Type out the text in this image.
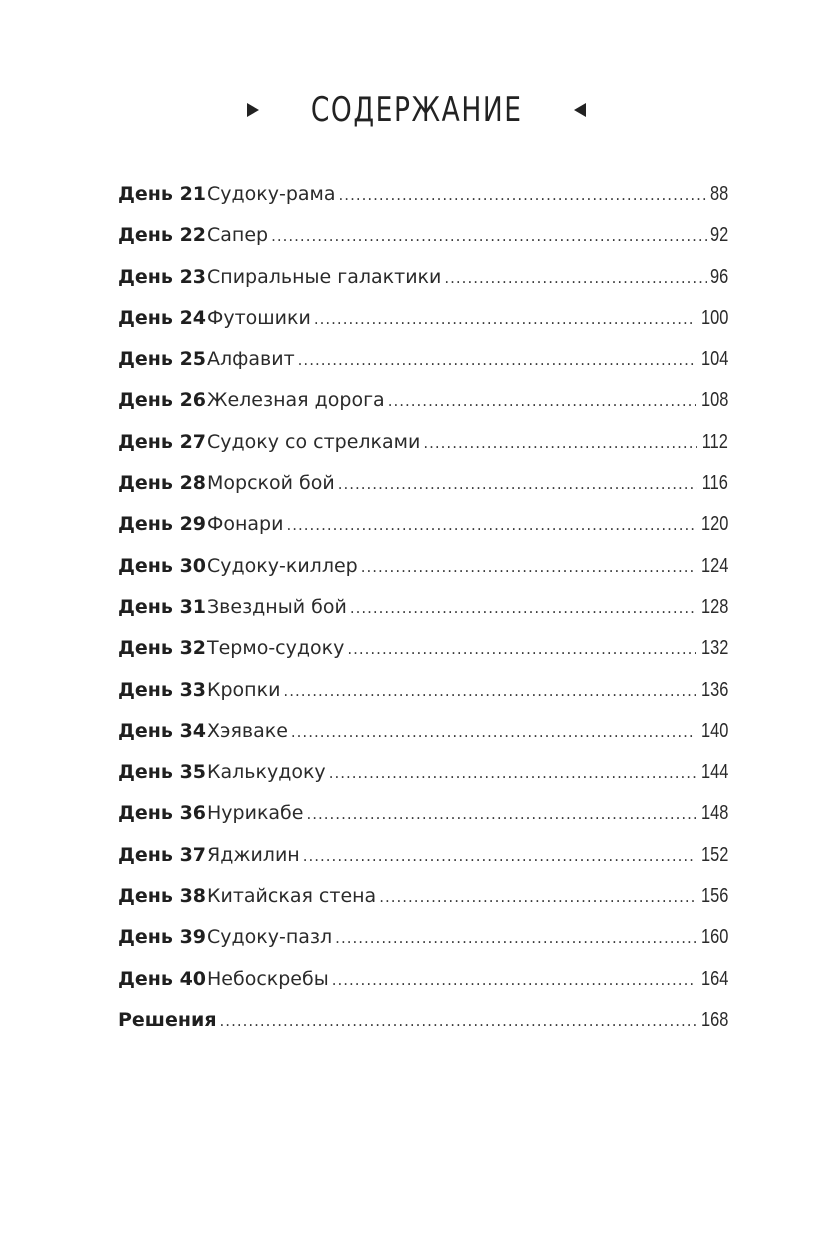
СОДЕРЖАНИЕ
День 21 Судоку-рама .....	88
День 22 Сапер .....	92
День 23 Спиральные галактики .....	96
День 24 Футошики .....	100
День 25 Алфавит .....	104
День 26 Железная дорога .....	108
День 27 Судоку со стрелками .....	112
День 28 Морской бой .....	116
День 29 Фонари .....	120
День 30 Судоку-киллер .....	124
День 31 Звездный бой .....	128
День 32 Термо-судоку .....	132
День 33 Кропки .....	136
День 34 Хэяваке .....	140
День 35 Калькудоку .....	144
День 36 Нурикабе .....	148
День 37 Яджилин .....	152
День 38 Китайская стена .....	156
День 39 Судоку-пазл .....	160
День 40 Небоскребы .....	164
Решения .....	168
